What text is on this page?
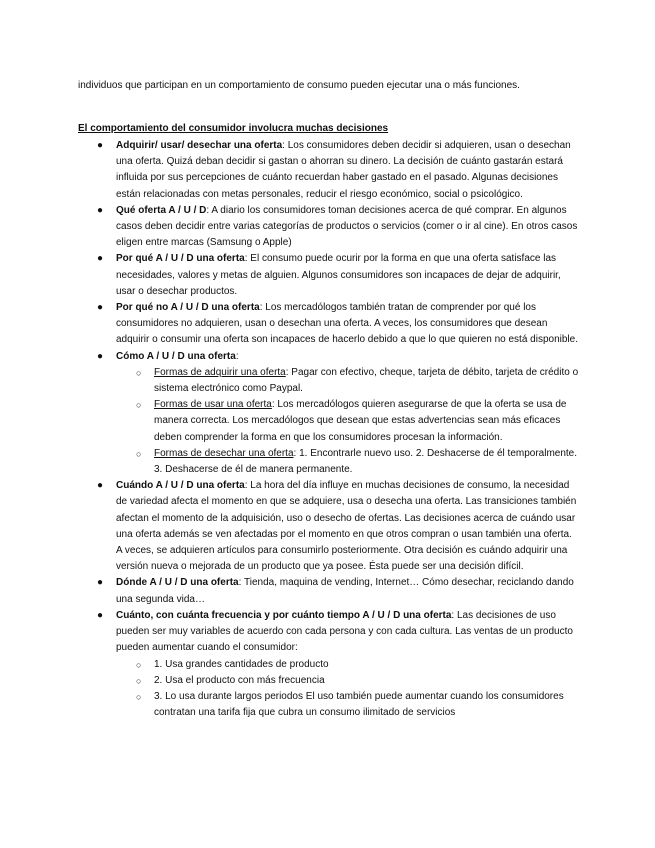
individuos que participan en un comportamiento de consumo pueden ejecutar una o más funciones.

El comportamiento del consumidor involucra muchas decisiones

● Adquirir/ usar/ desechar una oferta: Los consumidores deben decidir si adquieren, usan o desechan una oferta. Quizá deban decidir si gastan o ahorran su dinero. La decisión de cuánto gastarán estará influida por sus percepciones de cuánto recuerdan haber gastado en el pasado. Algunas decisiones están relacionadas con metas personales, reducir el riesgo económico, social o psicológico.
● Qué oferta A / U / D: A diario los consumidores toman decisiones acerca de qué comprar. En algunos casos deben decidir entre varias categorías de productos o servicios (comer o ir al cine). En otros casos eligen entre marcas (Samsung o Apple)
● Por qué A / U / D una oferta: El consumo puede ocurir por la forma en que una oferta satisface las necesidades, valores y metas de alguien. Algunos consumidores son incapaces de dejar de adquirir, usar o desechar productos.
● Por qué no A / U / D una oferta: Los mercadólogos también tratan de comprender por qué los consumidores no adquieren, usan o desechan una oferta. A veces, los consumidores que desean adquirir o consumir una oferta son incapaces de hacerlo debido a que lo que quieren no está disponible.
● Cómo A / U / D una oferta:
○ Formas de adquirir una oferta: Pagar con efectivo, cheque, tarjeta de débito, tarjeta de crédito o sistema electrónico como Paypal.
○ Formas de usar una oferta: Los mercadólogos quieren asegurarse de que la oferta se usa de manera correcta. Los mercadólogos que desean que estas advertencias sean más eficaces deben comprender la forma en que los consumidores procesan la información.
○ Formas de desechar una oferta: 1. Encontrarle nuevo uso. 2. Deshacerse de él temporalmente. 3. Deshacerse de él de manera permanente.
● Cuándo A / U / D una oferta: La hora del día influye en muchas decisiones de consumo, la necesidad de variedad afecta el momento en que se adquiere, usa o desecha una oferta. Las transiciones también afectan el momento de la adquisición, uso o desecho de ofertas. Las decisiones acerca de cuándo usar una oferta además se ven afectadas por el momento en que otros compran o usan también una oferta. A veces, se adquieren artículos para consumirlo posteriormente. Otra decisión es cuándo adquirir una versión nueva o mejorada de un producto que ya posee. Ésta puede ser una decisión difícil.
● Dónde A / U / D una oferta: Tienda, maquina de vending, Internet… Cómo desechar, reciclando dando una segunda vida…
● Cuánto, con cuánta frecuencia y por cuánto tiempo A / U / D una oferta: Las decisiones de uso pueden ser muy variables de acuerdo con cada persona y con cada cultura. Las ventas de un producto pueden aumentar cuando el consumidor:
○ 1. Usa grandes cantidades de producto
○ 2. Usa el producto con más frecuencia
○ 3. Lo usa durante largos periodos El uso también puede aumentar cuando los consumidores contratan una tarifa fija que cubra un consumo ilimitado de servicios
